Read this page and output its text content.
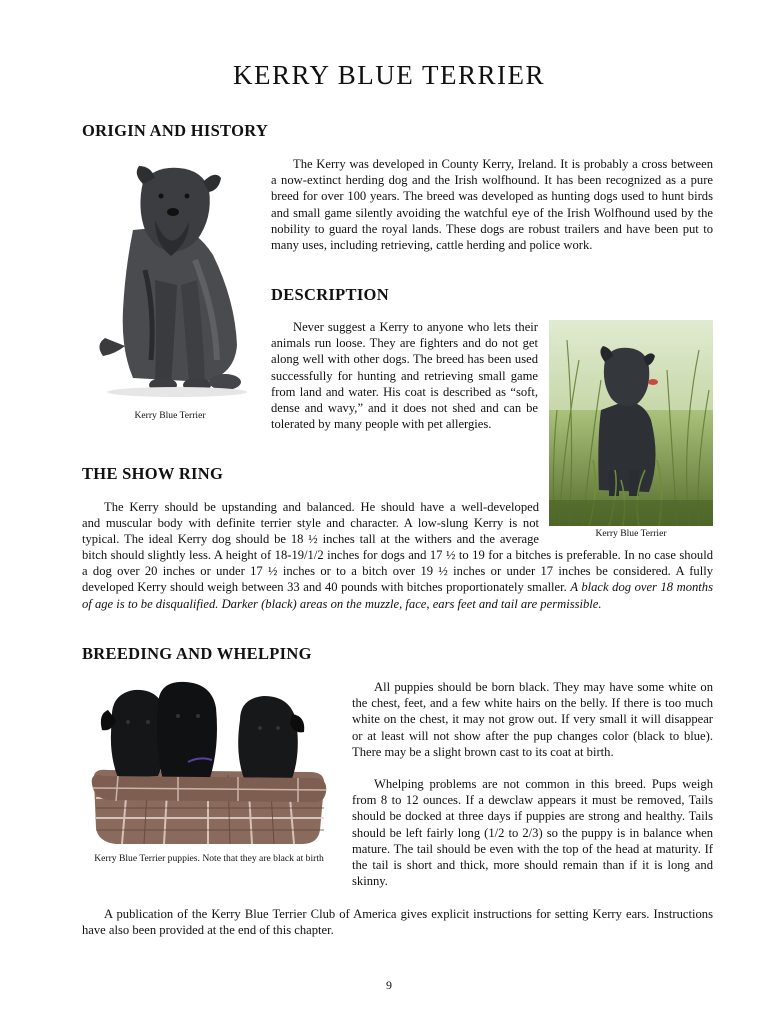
KERRY BLUE TERRIER
ORIGIN AND HISTORY
Kerry Blue Terrier

The Kerry was developed in County Kerry, Ireland. It is probably a cross between a now-extinct herding dog and the Irish wolfhound. It has been recognized as a pure breed for over 100 years. The breed was developed as hunting dogs used to hunt birds and small game silently avoiding the watchful eye of the Irish Wolfhound used by the nobility to guard the royal lands. These dogs are robust trailers and have been put to many uses, including retrieving, cattle herding and police work.

DESCRIPTION

Never suggest a Kerry to anyone who lets their animals run loose. They are fighters and do not get along well with other dogs. The breed has been used successfully for hunting and retrieving small game from land and water. His coat is described as “soft, dense and wavy,” and it does not shed and can be tolerated by many people with pet allergies.

Kerry Blue Terrier
THE SHOW RING

The Kerry should be upstanding and balanced. He should have a well-developed

and muscular body with definite terrier style and character. A low-slung Kerry is not

typical. The ideal Kerry dog should be 18 ½ inches tall at the withers and the average

bitch should slightly less. A height of 18-19/1/2 inches for dogs and 17 ½ to 19 for a bitches is preferable. In no case should a dog over 20 inches or under 17 ½ inches or to a bitch over 19 ½ inches or under 17 inches be considered. A fully developed Kerry should weigh between 33 and 40 pounds with bitches proportionately smaller. A black dog over 18 months of age is to be disqualified. Darker (black) areas on the muzzle, face, ears feet and tail are permissible.

BREEDING AND WHELPING
Kerry Blue Terrier puppies. Note that they are black at birth

All puppies should be born black. They may have some white on the chest, feet, and a few white hairs on the belly. If there is too much white on the chest, it may not grow out. If very small it will disappear or at least will not show after the pup changes color (black to blue). There may be a slight brown cast to its coat at birth.

Whelping problems are not common in this breed. Pups weigh from 8 to 12 ounces. If a dewclaw appears it must be removed, Tails should be docked at three days if puppies are strong and healthy. Tails should be left fairly long (1/2 to 2/3) so the puppy is in balance when mature. The tail should be even with the top of the head at maturity. If the tail is short and thick, more should remain than if it is long and skinny.

A publication of the Kerry Blue Terrier Club of America gives explicit instructions for setting Kerry ears. Instructions have also been provided at the end of this chapter.

9
